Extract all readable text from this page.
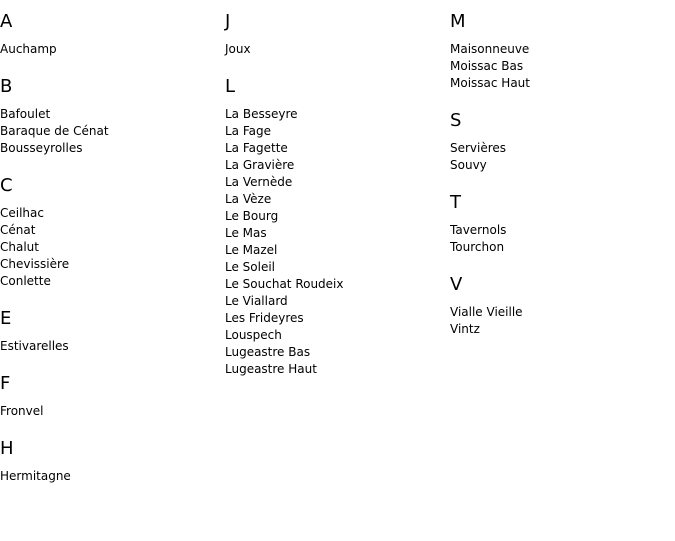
A
Auchamp
B
Bafoulet
Baraque de Cénat
Bousseyrolles
C
Ceilhac
Cénat
Chalut
Chevissière
Conlette
E
Estivarelles
F
Fronvel
H
Hermitagne
J
Joux
L
La Besseyre
La Fage
La Fagette
La Gravière
La Vernède
La Vèze
Le Bourg
Le Mas
Le Mazel
Le Soleil
Le Souchat Roudeix
Le Viallard
Les Frideyres
Louspech
Lugeastre Bas
Lugeastre Haut
M
Maisonneuve
Moissac Bas
Moissac Haut
S
Servières
Souvy
T
Tavernols
Tourchon
V
Vialle Vieille
Vintz
